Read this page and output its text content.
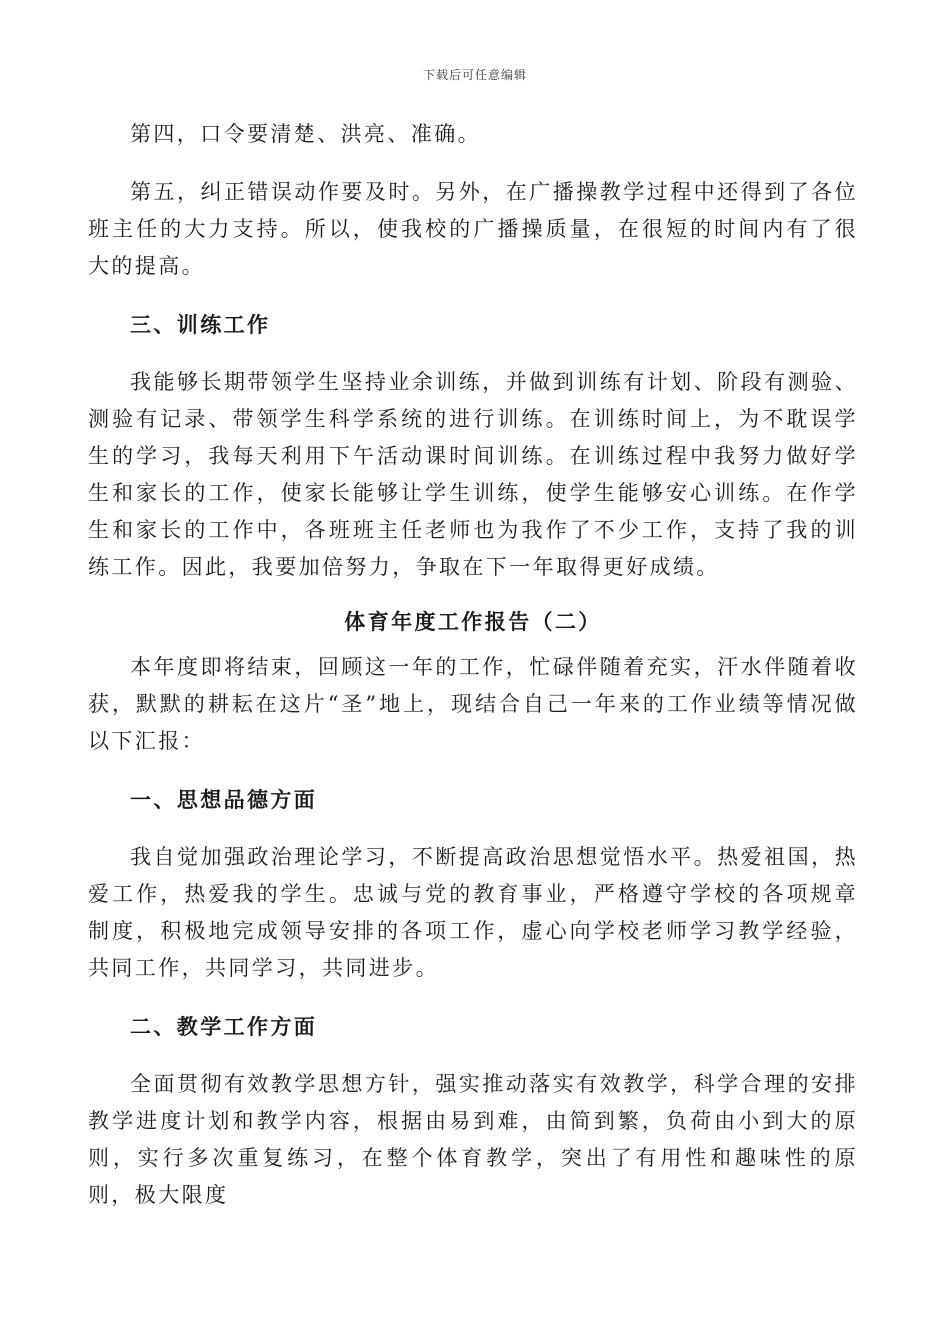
下载后可任意编辑

第四，口令要清楚、洪亮、准确。

第五，纠正错误动作要及时。另外，在广播操教学过程中还得到了各位班主任的大力支持。所以，使我校的广播操质量，在很短的时间内有了很大的提高。

三、训练工作

我能够长期带领学生坚持业余训练，并做到训练有计划、阶段有测验、测验有记录、带领学生科学系统的进行训练。在训练时间上，为不耽误学生的学习，我每天利用下午活动课时间训练。在训练过程中我努力做好学生和家长的工作，使家长能够让学生训练，使学生能够安心训练。在作学生和家长的工作中，各班班主任老师也为我作了不少工作，支持了我的训练工作。因此，我要加倍努力，争取在下一年取得更好成绩。

体育年度工作报告（二）

本年度即将结束，回顾这一年的工作，忙碌伴随着充实，汗水伴随着收获，默默的耕耘在这片“圣”地上，现结合自己一年来的工作业绩等情况做以下汇报：

一、思想品德方面

我自觉加强政治理论学习，不断提高政治思想觉悟水平。热爱祖国，热爱工作，热爱我的学生。忠诚与党的教育事业，严格遵守学校的各项规章制度，积极地完成领导安排的各项工作，虚心向学校老师学习教学经验，共同工作，共同学习，共同进步。

二、教学工作方面

全面贯彻有效教学思想方针，强实推动落实有效教学，科学合理的安排教学进度计划和教学内容，根据由易到难，由简到繁，负荷由小到大的原则，实行多次重复练习，在整个体育教学，突出了有用性和趣味性的原则，极大限度
